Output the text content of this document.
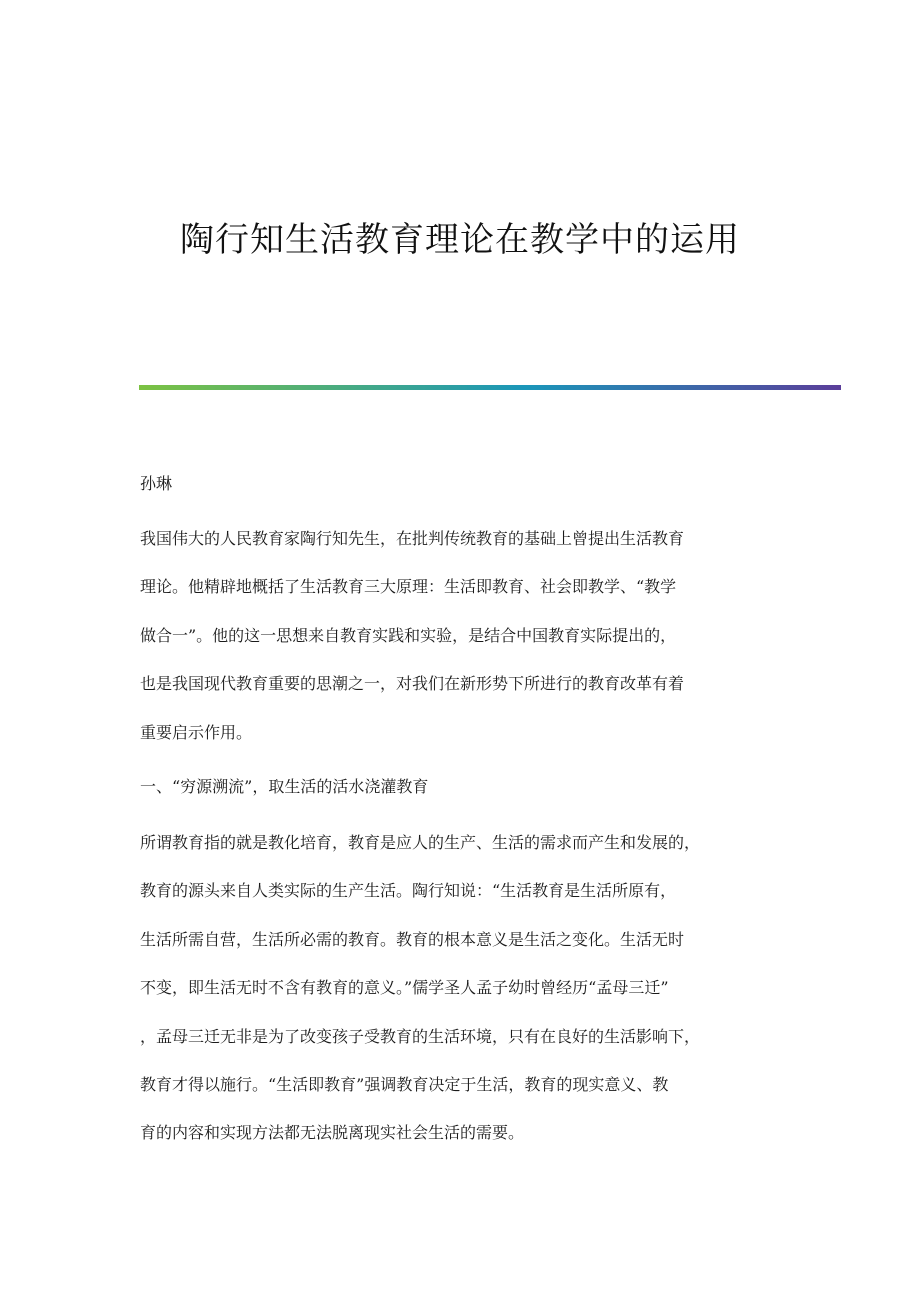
陶行知生活教育理论在教学中的运用
孙琳
我国伟大的人民教育家陶行知先生，在批判传统教育的基础上曾提出生活教育
理论。他精辟地概括了生活教育三大原理：生活即教育、社会即教学、“教学
做合一”。他的这一思想来自教育实践和实验，是结合中国教育实际提出的，
也是我国现代教育重要的思潮之一，对我们在新形势下所进行的教育改革有着
重要启示作用。
一、“穷源溯流”，取生活的活水浇灌教育
所谓教育指的就是教化培育，教育是应人的生产、生活的需求而产生和发展的，
教育的源头来自人类实际的生产生活。陶行知说：“生活教育是生活所原有，
生活所需自营，生活所必需的教育。教育的根本意义是生活之变化。生活无时
不变，即生活无时不含有教育的意义。”儒学圣人孟子幼时曾经历“孟母三迁”
，孟母三迁无非是为了改变孩子受教育的生活环境，只有在良好的生活影响下，
教育才得以施行。“生活即教育”强调教育决定于生活，教育的现实意义、教
育的内容和实现方法都无法脱离现实社会生活的需要。
